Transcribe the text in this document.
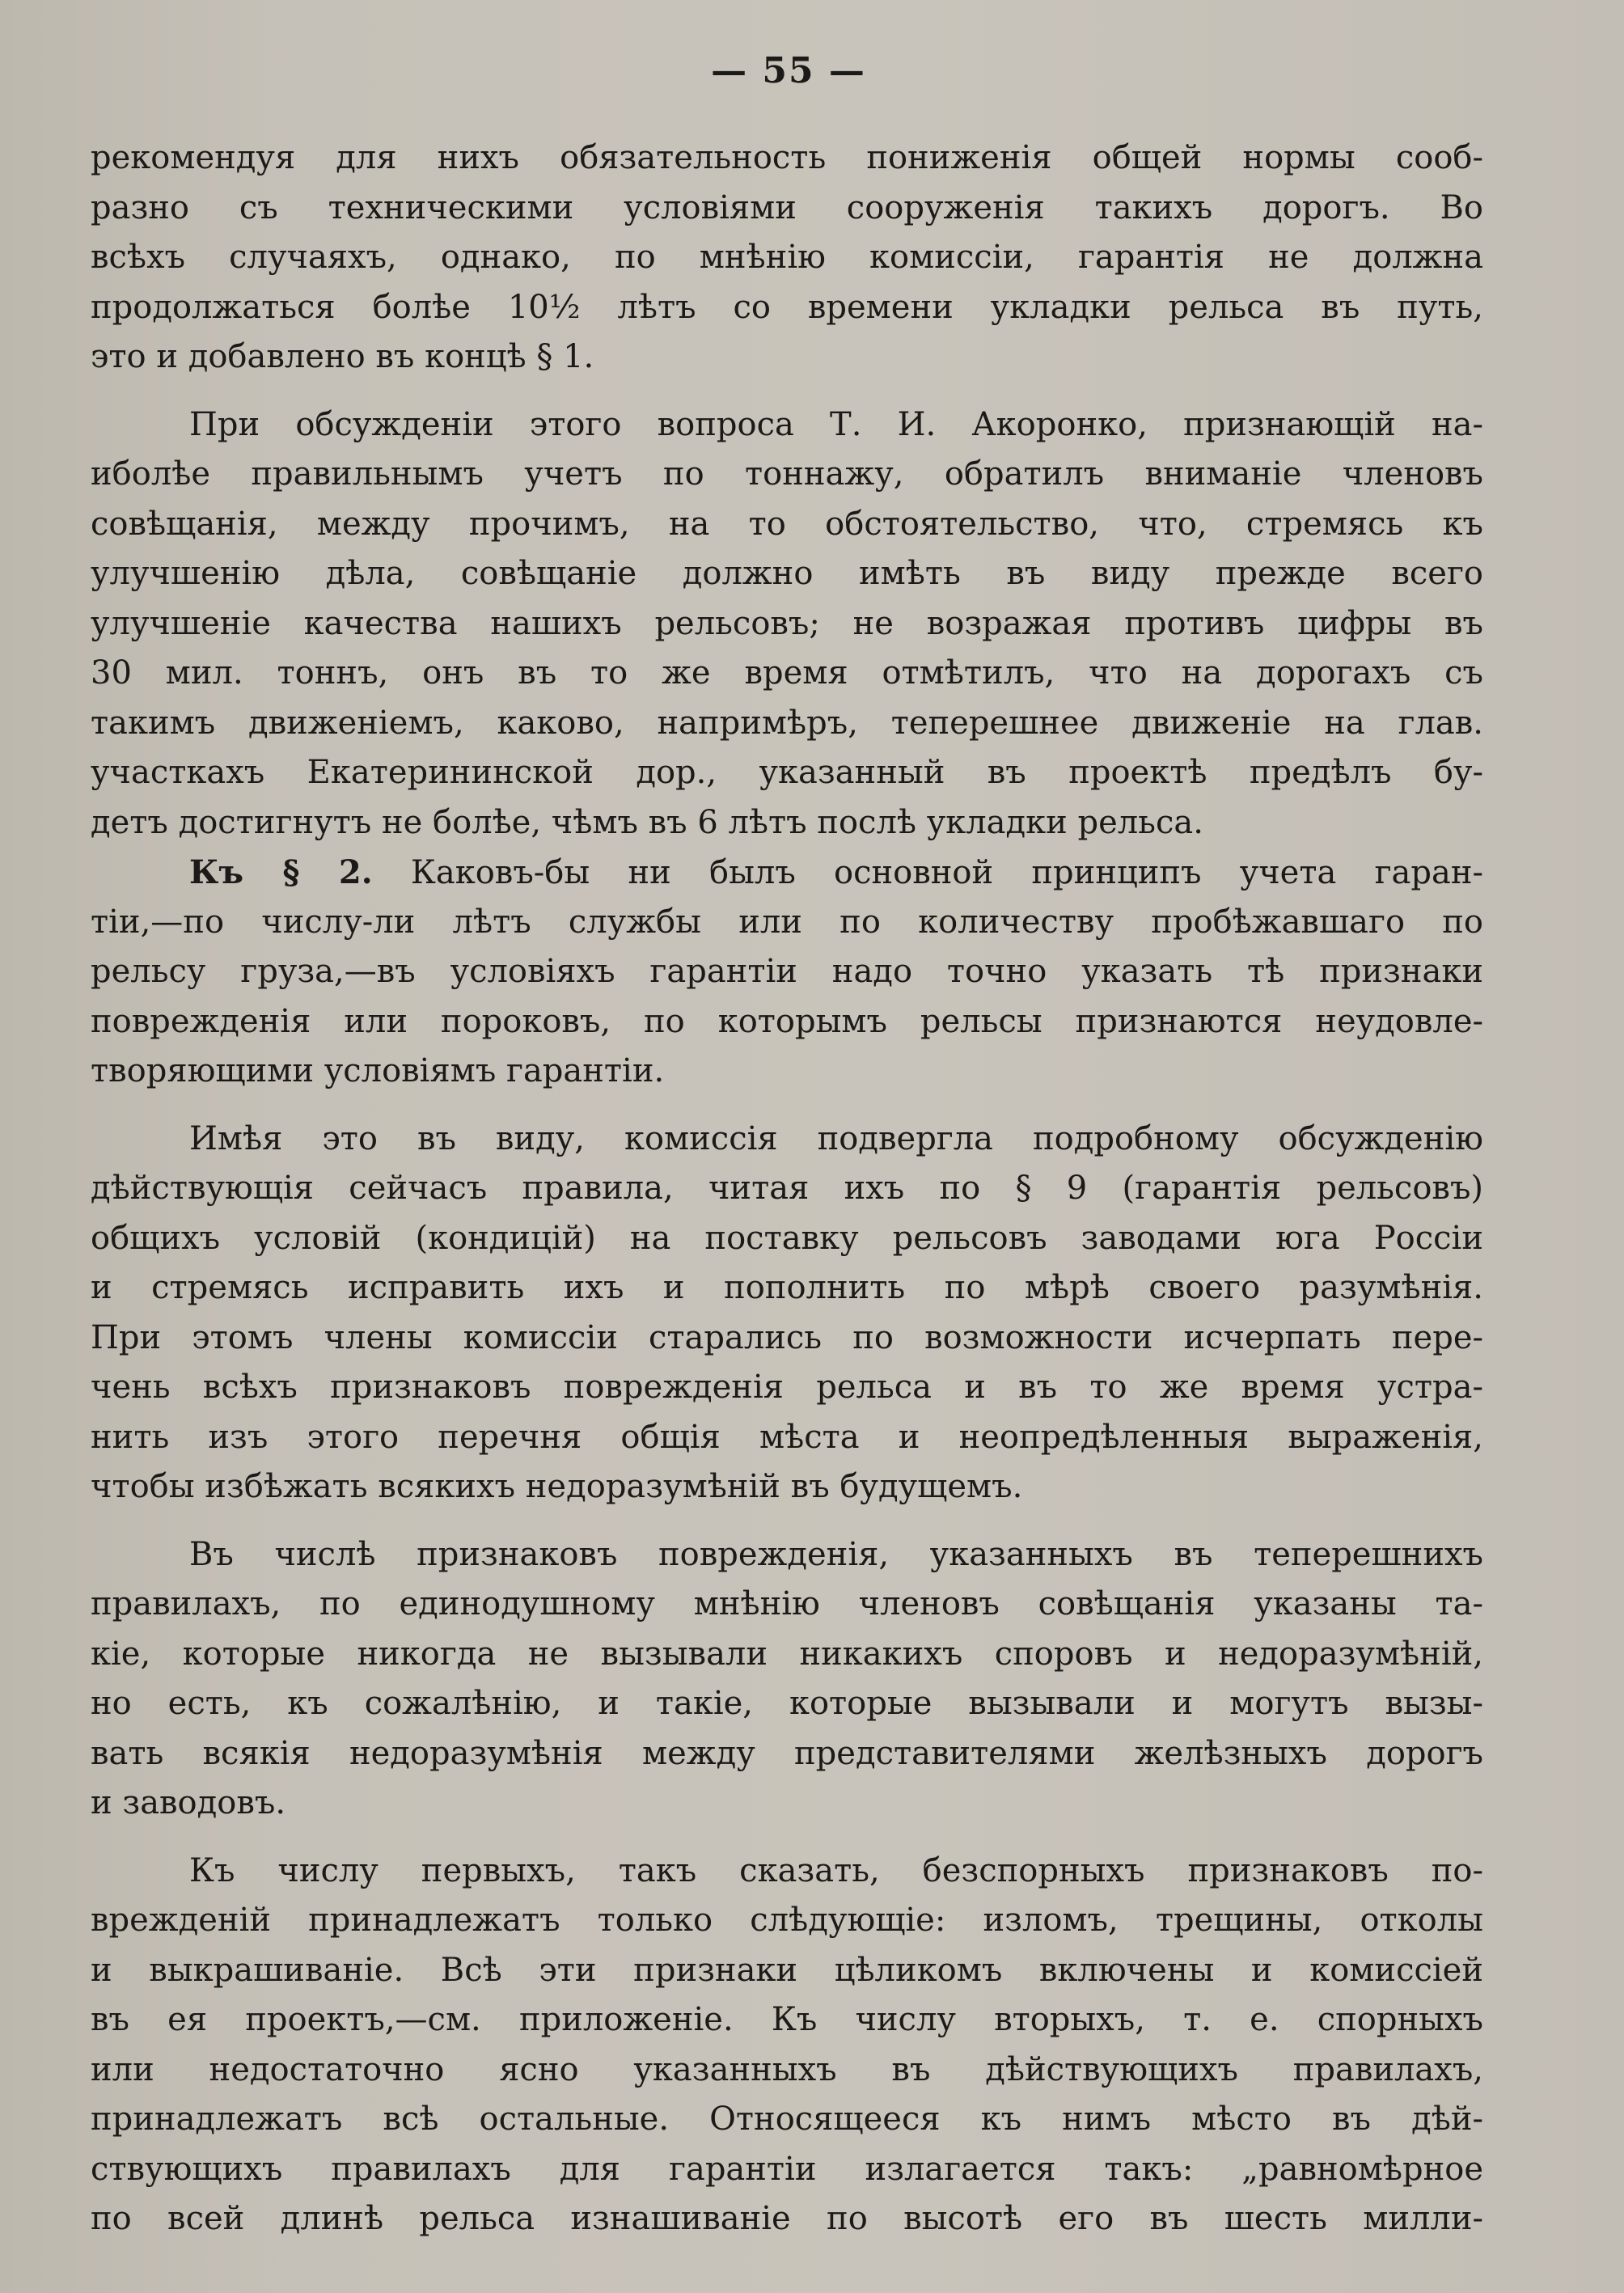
— 55 —
рекомендуя для нихъ обязательность пониженія общей нормы сооб-
разно съ техническими условіями сооруженія такихъ дорогъ. Во
всѣхъ случаяхъ, однако, по мнѣнію комиссіи, гарантія не должна
продолжаться болѣе 10½ лѣтъ со времени укладки рельса въ путь,
это и добавлено въ концѣ § 1.
При обсужденіи этого вопроса Т. И. Акоронко, признающій на-
иболѣе правильнымъ учетъ по тоннажу, обратилъ вниманіе членовъ
совѣщанія, между прочимъ, на то обстоятельство, что, стремясь къ
улучшенію дѣла, совѣщаніе должно имѣть въ виду прежде всего
улучшеніе качества нашихъ рельсовъ; не возражая противъ цифры въ
30 мил. тоннъ, онъ въ то же время отмѣтилъ, что на дорогахъ съ
такимъ движеніемъ, каково, напримѣръ, теперешнее движеніе на глав.
участкахъ Екатерининской дор., указанный въ проектѣ предѣлъ бу-
детъ достигнутъ не болѣе, чѣмъ въ 6 лѣтъ послѣ укладки рельса.
Къ § 2. Каковъ-бы ни былъ основной принципъ учета гаран-
тіи,—по числу-ли лѣтъ службы или по количеству пробѣжавшаго по
рельсу груза,—въ условіяхъ гарантіи надо точно указать тѣ признаки
поврежденія или пороковъ, по которымъ рельсы признаются неудовле-
творяющими условіямъ гарантіи.
Имѣя это въ виду, комиссія подвергла подробному обсужденію
дѣйствующія сейчасъ правила, читая ихъ по § 9 (гарантія рельсовъ)
общихъ условій (кондицій) на поставку рельсовъ заводами юга Россіи
и стремясь исправить ихъ и пополнить по мѣрѣ своего разумѣнія.
При этомъ члены комиссіи старались по возможности исчерпать пере-
чень всѣхъ признаковъ поврежденія рельса и въ то же время устра-
нить изъ этого перечня общія мѣста и неопредѣленныя выраженія,
чтобы избѣжать всякихъ недоразумѣній въ будущемъ.
Въ числѣ признаковъ поврежденія, указанныхъ въ теперешнихъ
правилахъ, по единодушному мнѣнію членовъ совѣщанія указаны та-
кіе, которые никогда не вызывали никакихъ споровъ и недоразумѣній,
но есть, къ сожалѣнію, и такіе, которые вызывали и могутъ вызы-
вать всякія недоразумѣнія между представителями желѣзныхъ дорогъ
и заводовъ.
Къ числу первыхъ, такъ сказать, безспорныхъ признаковъ по-
врежденій принадлежатъ только слѣдующіе: изломъ, трещины, отколы
и выкрашиваніе. Всѣ эти признаки цѣликомъ включены и комиссіей
въ ея проектъ,—см. приложеніе. Къ числу вторыхъ, т. е. спорныхъ
или недостаточно ясно указанныхъ въ дѣйствующихъ правилахъ,
принадлежатъ всѣ остальные. Относящееся къ нимъ мѣсто въ дѣй-
ствующихъ правилахъ для гарантіи излагается такъ: „равномѣрное
по всей длинѣ рельса изнашиваніе по высотѣ его въ шесть милли-
